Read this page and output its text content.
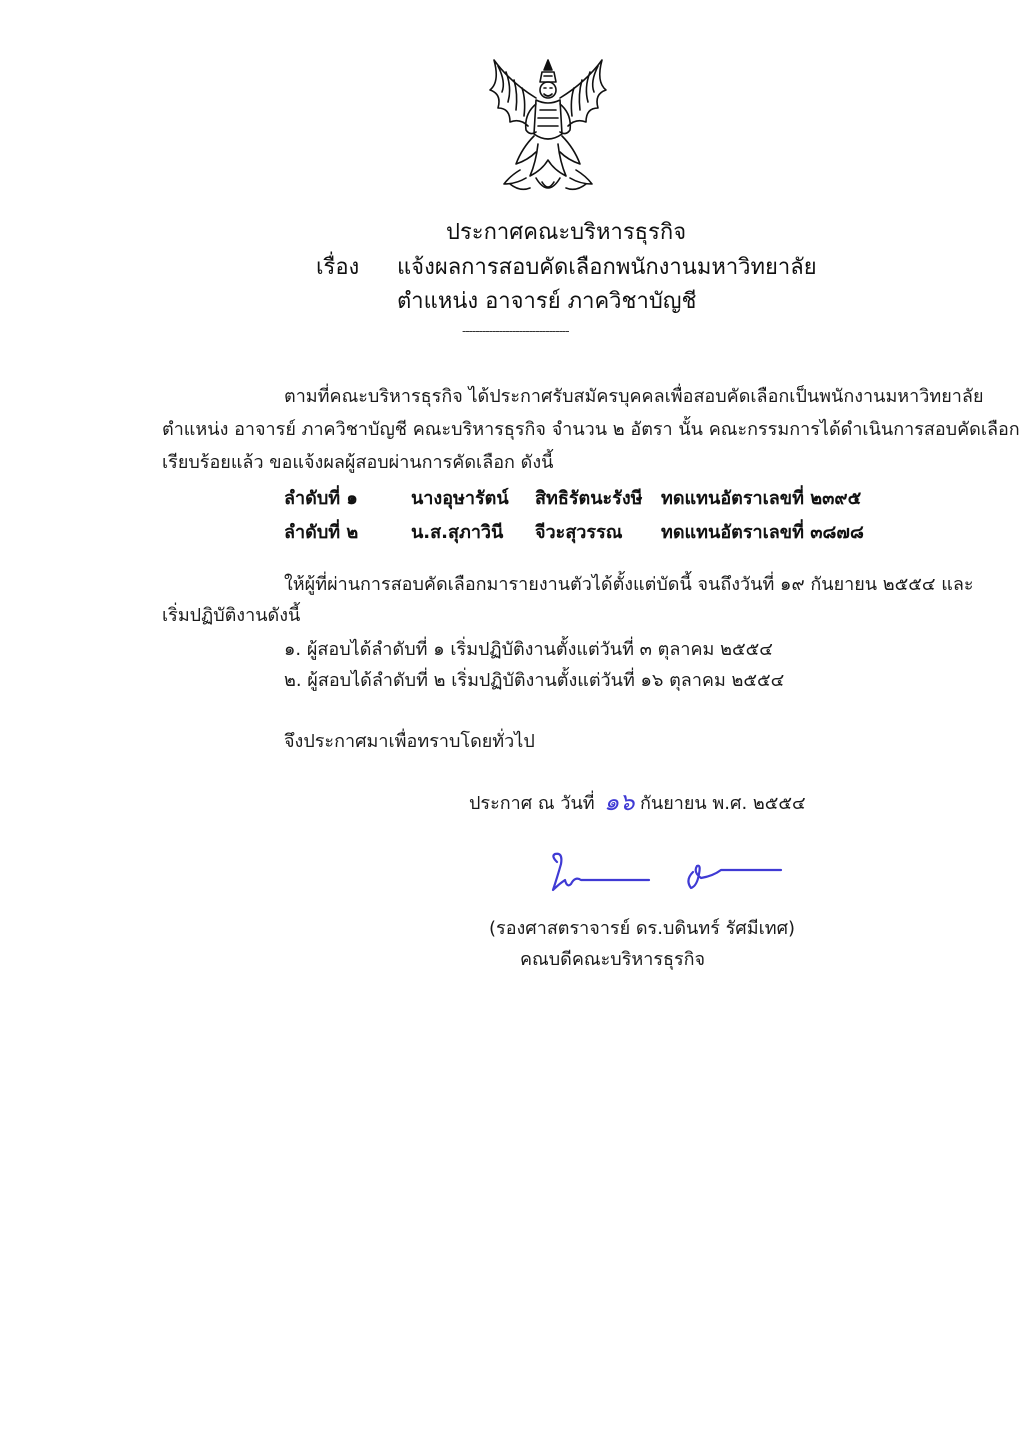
ประกาศคณะบริหารธุรกิจ
เรื่อง แจ้งผลการสอบคัดเลือกพนักงานมหาวิทยาลัย
ตำแหน่ง อาจารย์ ภาควิชาบัญชี
--------------------------------
ตามที่คณะบริหารธุรกิจ ได้ประกาศรับสมัครบุคคลเพื่อสอบคัดเลือกเป็นพนักงานมหาวิทยาลัย
ตำแหน่ง อาจารย์ ภาควิชาบัญชี คณะบริหารธุรกิจ จำนวน ๒ อัตรา นั้น คณะกรรมการได้ดำเนินการสอบคัดเลือก
เรียบร้อยแล้ว ขอแจ้งผลผู้สอบผ่านการคัดเลือก ดังนี้
ลำดับที่ ๑	นางอุษารัตน์ สิทธิรัตนะรังษี ทดแทนอัตราเลขที่ ๒๓๙๕
ลำดับที่ ๒	น.ส.สุภาวินี จีวะสุวรรณ ทดแทนอัตราเลขที่ ๓๘๗๘
ให้ผู้ที่ผ่านการสอบคัดเลือกมารายงานตัวได้ตั้งแต่บัดนี้ จนถึงวันที่ ๑๙ กันยายน ๒๕๕๔ และ
เริ่มปฏิบัติงานดังนี้
๑. ผู้สอบได้ลำดับที่ ๑ เริ่มปฏิบัติงานตั้งแต่วันที่ ๓ ตุลาคม ๒๕๕๔
๒. ผู้สอบได้ลำดับที่ ๒ เริ่มปฏิบัติงานตั้งแต่วันที่ ๑๖ ตุลาคม ๒๕๕๔
จึงประกาศมาเพื่อทราบโดยทั่วไป
ประกาศ ณ วันที่ ๑๖ กันยายน พ.ศ. ๒๕๕๔
(รองศาสตราจารย์ ดร.บดินทร์ รัศมีเทศ)
คณบดีคณะบริหารธุรกิจ
